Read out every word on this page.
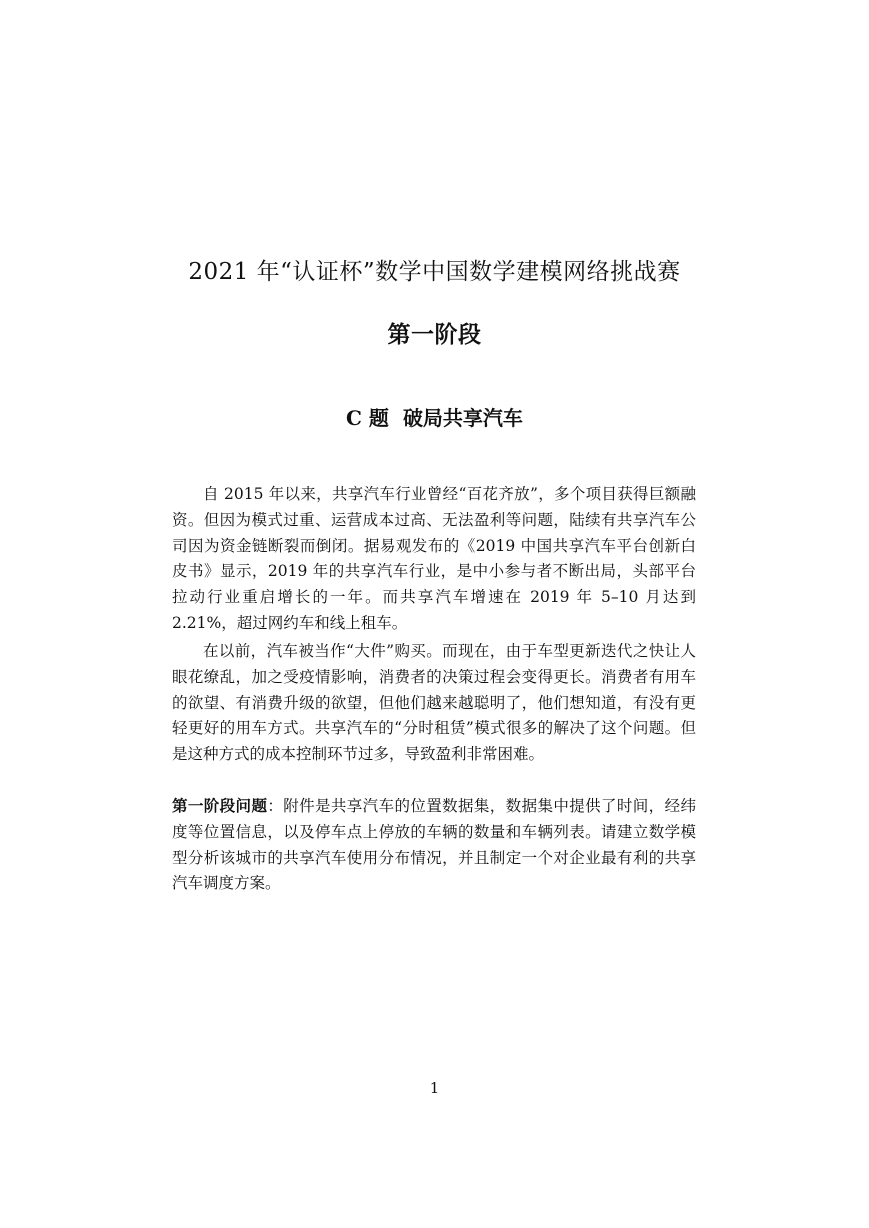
2021 年“认证杯”数学中国数学建模网络挑战赛
第一阶段
C 题 破局共享汽车

自 2015 年以来，共享汽车行业曾经“百花齐放”，多个项目获得巨额融资。但因为模式过重、运营成本过高、无法盈利等问题，陆续有共享汽车公司因为资金链断裂而倒闭。据易观发布的《2019 中国共享汽车平台创新白皮书》显示，2019 年的共享汽车行业，是中小参与者不断出局，头部平台拉动行业重启增长的一年。而共享汽车增速在 2019 年 5–10 月达到 2.21%，超过网约车和线上租车。

在以前，汽车被当作“大件”购买。而现在，由于车型更新迭代之快让人眼花缭乱，加之受疫情影响，消费者的决策过程会变得更长。消费者有用车的欲望、有消费升级的欲望，但他们越来越聪明了，他们想知道，有没有更轻更好的用车方式。共享汽车的“分时租赁”模式很多的解决了这个问题。但是这种方式的成本控制环节过多，导致盈利非常困难。

第一阶段问题：附件是共享汽车的位置数据集，数据集中提供了时间，经纬度等位置信息，以及停车点上停放的车辆的数量和车辆列表。请建立数学模型分析该城市的共享汽车使用分布情况，并且制定一个对企业最有利的共享汽车调度方案。

1
